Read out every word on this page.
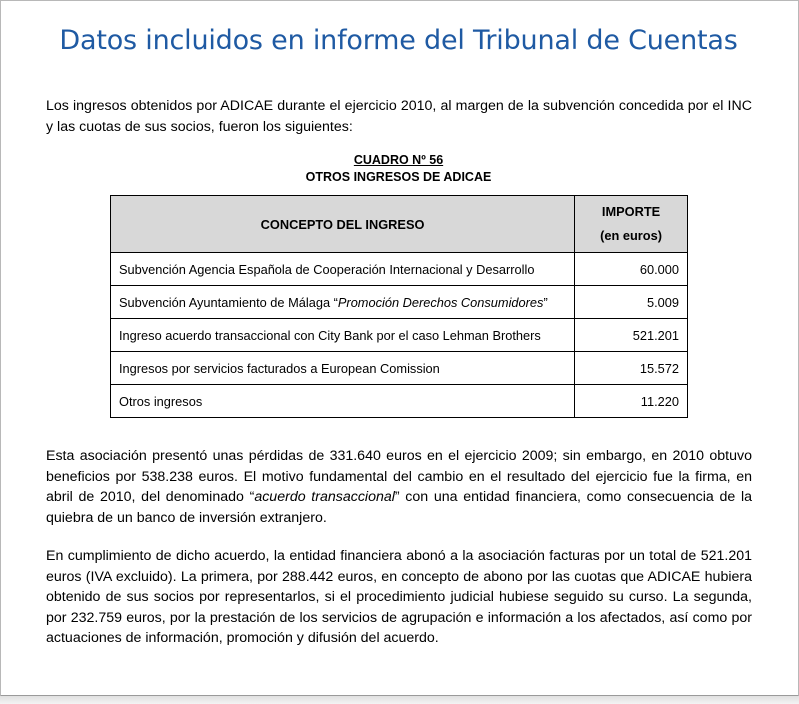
Datos incluidos en informe del Tribunal de Cuentas

Los ingresos obtenidos por ADICAE durante el ejercicio 2010, al margen de la subvención concedida por el INC y las cuotas de sus socios, fueron los siguientes:

CUADRO Nº 56

OTROS INGRESOS DE ADICAE

CONCEPTO DEL INGRESO	IMPORTE
(en euros)

Subvención Agencia Española de Cooperación Internacional y Desarrollo	60.000
Subvención Ayuntamiento de Málaga “Promoción Derechos Consumidores”	5.009
Ingreso acuerdo transaccional con City Bank por el caso Lehman Brothers	521.201
Ingresos por servicios facturados a European Comission	15.572
Otros ingresos	11.220

Esta asociación presentó unas pérdidas de 331.640 euros en el ejercicio 2009; sin embargo, en 2010 obtuvo beneficios por 538.238 euros. El motivo fundamental del cambio en el resultado del ejercicio fue la firma, en abril de 2010, del denominado “acuerdo transaccional” con una entidad financiera, como consecuencia de la quiebra de un banco de inversión extranjero.

En cumplimiento de dicho acuerdo, la entidad financiera abonó a la asociación facturas por un total de 521.201 euros (IVA excluido). La primera, por 288.442 euros, en concepto de abono por las cuotas que ADICAE hubiera obtenido de sus socios por representarlos, si el procedimiento judicial hubiese seguido su curso. La segunda, por 232.759 euros, por la prestación de los servicios de agrupación e información a los afectados, así como por actuaciones de información, promoción y difusión del acuerdo.
